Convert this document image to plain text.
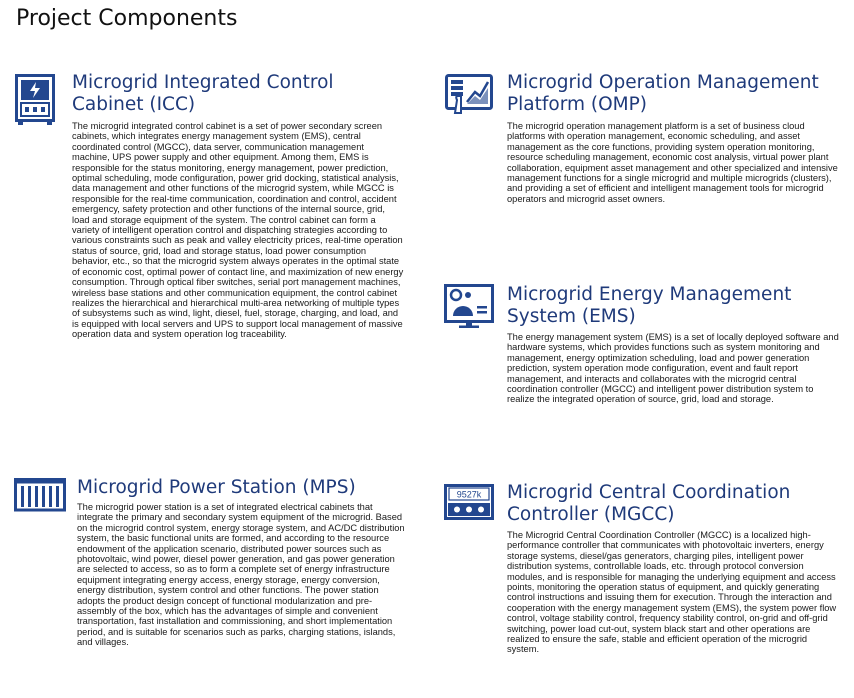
Project Components
Microgrid Integrated Control Cabinet (ICC)
The microgrid integrated control cabinet is a set of power secondary screen cabinets, which integrates energy management system (EMS), central coordinated control (MGCC), data server, communication management machine, UPS power supply and other equipment. Among them, EMS is responsible for the status monitoring, energy management, power prediction, optimal scheduling, mode configuration, power grid docking, statistical analysis, data management and other functions of the microgrid system, while MGCC is responsible for the real-time communication, coordination and control, accident emergency, safety protection and other functions of the internal source, grid, load and storage equipment of the system. The control cabinet can form a variety of intelligent operation control and dispatching strategies according to various constraints such as peak and valley electricity prices, real-time operation status of source, grid, load and storage status, load power consumption behavior, etc., so that the microgrid system always operates in the optimal state of economic cost, optimal power of contact line, and maximization of new energy consumption. Through optical fiber switches, serial port management machines, wireless base stations and other communication equipment, the control cabinet realizes the hierarchical and hierarchical multi-area networking of multiple types of subsystems such as wind, light, diesel, fuel, storage, charging, and load, and is equipped with local servers and UPS to support local management of massive operation data and system operation log traceability.
Microgrid Operation Management Platform (OMP)
The microgrid operation management platform is a set of business cloud platforms with operation management, economic scheduling, and asset management as the core functions, providing system operation monitoring, resource scheduling management, economic cost analysis, virtual power plant collaboration, equipment asset management and other specialized and intensive management functions for a single microgrid and multiple microgrids (clusters), and providing a set of efficient and intelligent management tools for microgrid operators and microgrid asset owners.
Microgrid Energy Management System (EMS)
The energy management system (EMS) is a set of locally deployed software and hardware systems, which provides functions such as system monitoring and management, energy optimization scheduling, load and power generation prediction, system operation mode configuration, event and fault report management, and interacts and collaborates with the microgrid central coordination controller (MGCC) and intelligent power distribution system to realize the integrated operation of source, grid, load and storage.
Microgrid Power Station (MPS)
The microgrid power station is a set of integrated electrical cabinets that integrate the primary and secondary system equipment of the microgrid. Based on the microgrid control system, energy storage system, and AC/DC distribution system, the basic functional units are formed, and according to the resource endowment of the application scenario, distributed power sources such as photovoltaic, wind power, diesel power generation, and gas power generation are selected to access, so as to form a complete set of energy infrastructure equipment integrating energy access, energy storage, energy conversion, energy distribution, system control and other functions. The power station adopts the product design concept of functional modularization and pre-assembly of the box, which has the advantages of simple and convenient transportation, fast installation and commissioning, and short implementation period, and is suitable for scenarios such as parks, charging stations, islands, and villages.
9527k Microgrid Central Coordination Controller (MGCC)
The Microgrid Central Coordination Controller (MGCC) is a localized high-performance controller that communicates with photovoltaic inverters, energy storage systems, diesel/gas generators, charging piles, intelligent power distribution systems, controllable loads, etc. through protocol conversion modules, and is responsible for managing the underlying equipment and access points, monitoring the operation status of equipment, and quickly generating control instructions and issuing them for execution. Through the interaction and cooperation with the energy management system (EMS), the system power flow control, voltage stability control, frequency stability control, on-grid and off-grid switching, power load cut-out, system black start and other operations are realized to ensure the safe, stable and efficient operation of the microgrid system.
